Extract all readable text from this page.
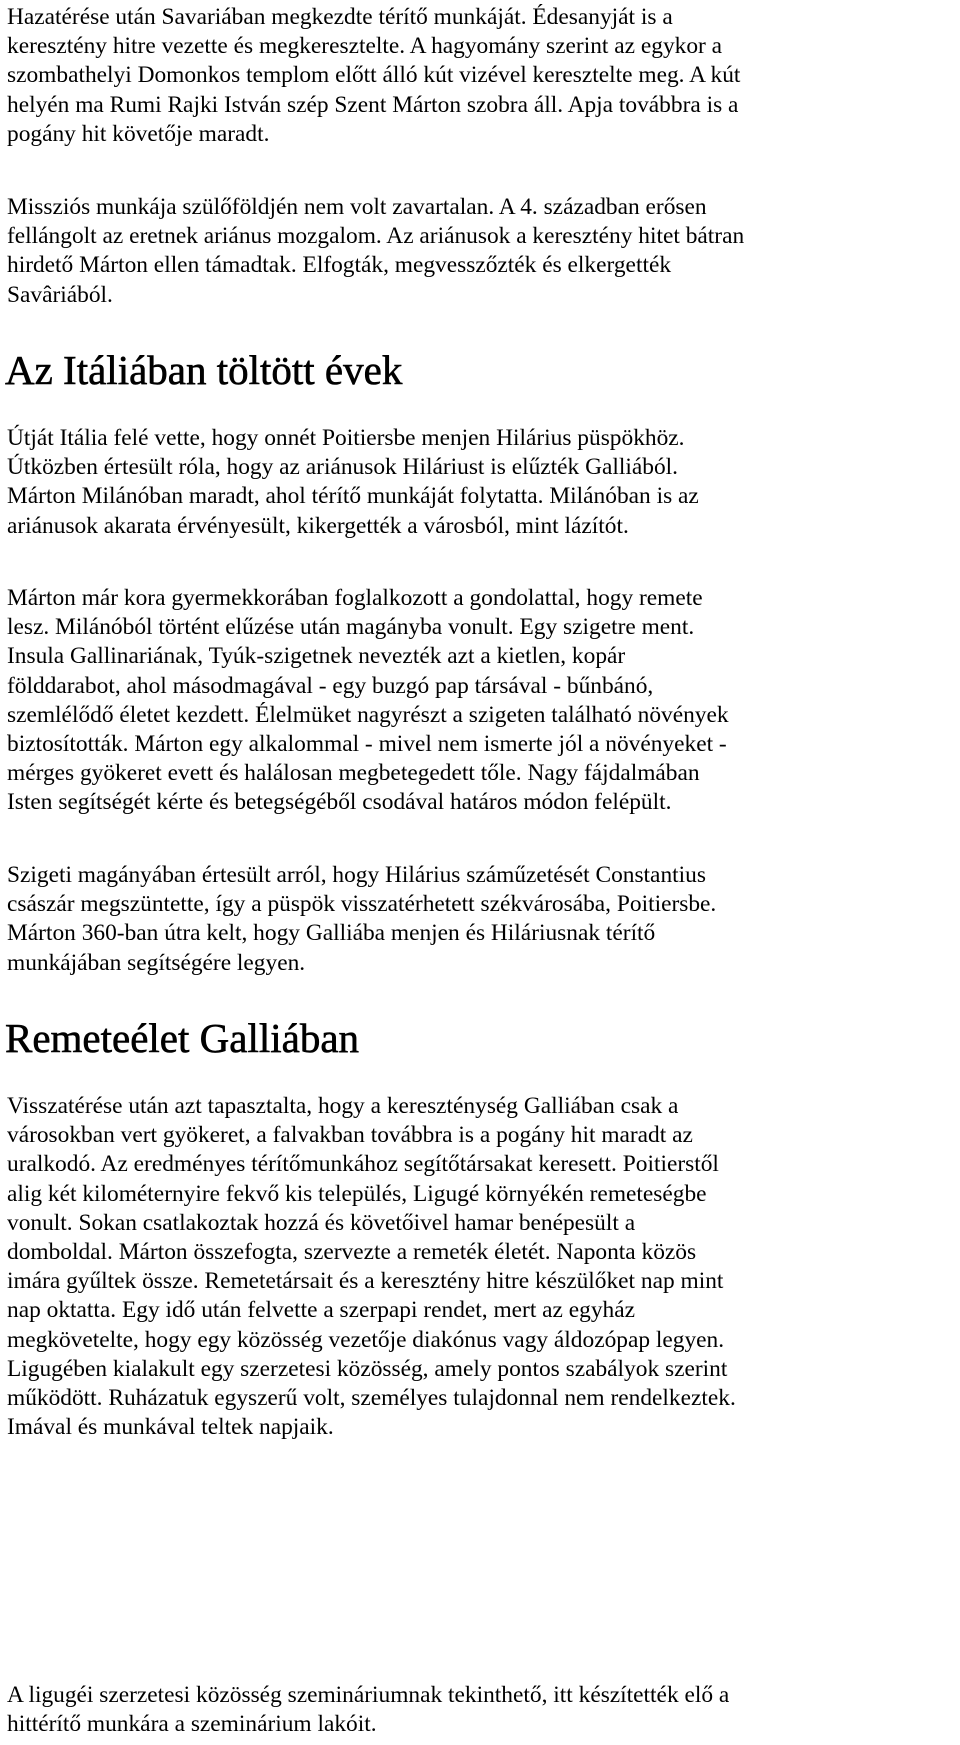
Hazatérése után Savariában megkezdte térítő munkáját. Édesanyját is a
keresztény hitre vezette és megkeresztelte. A hagyomány szerint az egykor a
szombathelyi Domonkos templom előtt álló kút vizével keresztelte meg. A kút
helyén ma Rumi Rajki István szép Szent Márton szobra áll. Apja továbbra is a
pogány hit követője maradt.

Missziós munkája szülőföldjén nem volt zavartalan. A 4. században erősen
fellángolt az eretnek ariánus mozgalom. Az ariánusok a keresztény hitet bátran
hirdető Márton ellen támadtak. Elfogták, megvesszőzték és elkergették
Savâriából.

Az Itáliában töltött évek

Útját Itália felé vette, hogy onnét Poitiersbe menjen Hilárius püspökhöz.
Útközben értesült róla, hogy az ariánusok Hiláriust is elűzték Galliából.
Márton Milánóban maradt, ahol térítő munkáját folytatta. Milánóban is az
ariánusok akarata érvényesült, kikergették a városból, mint lázítót.

Márton már kora gyermekkorában foglalkozott a gondolattal, hogy remete
lesz. Milánóból történt elűzése után magányba vonult. Egy szigetre ment.
Insula Gallinariának, Tyúk-szigetnek nevezték azt a kietlen, kopár
földdarabot, ahol másodmagával - egy buzgó pap társával - bűnbánó,
szemlélődő életet kezdett. Élelmüket nagyrészt a szigeten található növények
biztosították. Márton egy alkalommal - mivel nem ismerte jól a növényeket -
mérges gyökeret evett és halálosan megbetegedett tőle. Nagy fájdalmában
Isten segítségét kérte és betegségéből csodával határos módon felépült.

Szigeti magányában értesült arról, hogy Hilárius száműzetését Constantius
császár megszüntette, így a püspök visszatérhetett székvárosába, Poitiersbe.
Márton 360-ban útra kelt, hogy Galliába menjen és Hiláriusnak térítő
munkájában segítségére legyen.

Remeteélet Galliában

Visszatérése után azt tapasztalta, hogy a kereszténység Galliában csak a
városokban vert gyökeret, a falvakban továbbra is a pogány hit maradt az
uralkodó. Az eredményes térítőmunkához segítőtársakat keresett. Poitierstől
alig két kilométernyire fekvő kis település, Ligugé környékén remeteségbe
vonult. Sokan csatlakoztak hozzá és követőivel hamar benépesült a
domboldal. Márton összefogta, szervezte a remeték életét. Naponta közös
imára gyűltek össze. Remetetársait és a keresztény hitre készülőket nap mint
nap oktatta. Egy idő után felvette a szerpapi rendet, mert az egyház
megkövetelte, hogy egy közösség vezetője diakónus vagy áldozópap legyen.
Ligugében kialakult egy szerzetesi közösség, amely pontos szabályok szerint
működött. Ruházatuk egyszerű volt, személyes tulajdonnal nem rendelkeztek.
Imával és munkával teltek napjaik.

A ligugéi szerzetesi közösség szemináriumnak tekinthető, itt készítették elő a
hittérítő munkára a szeminárium lakóit.
